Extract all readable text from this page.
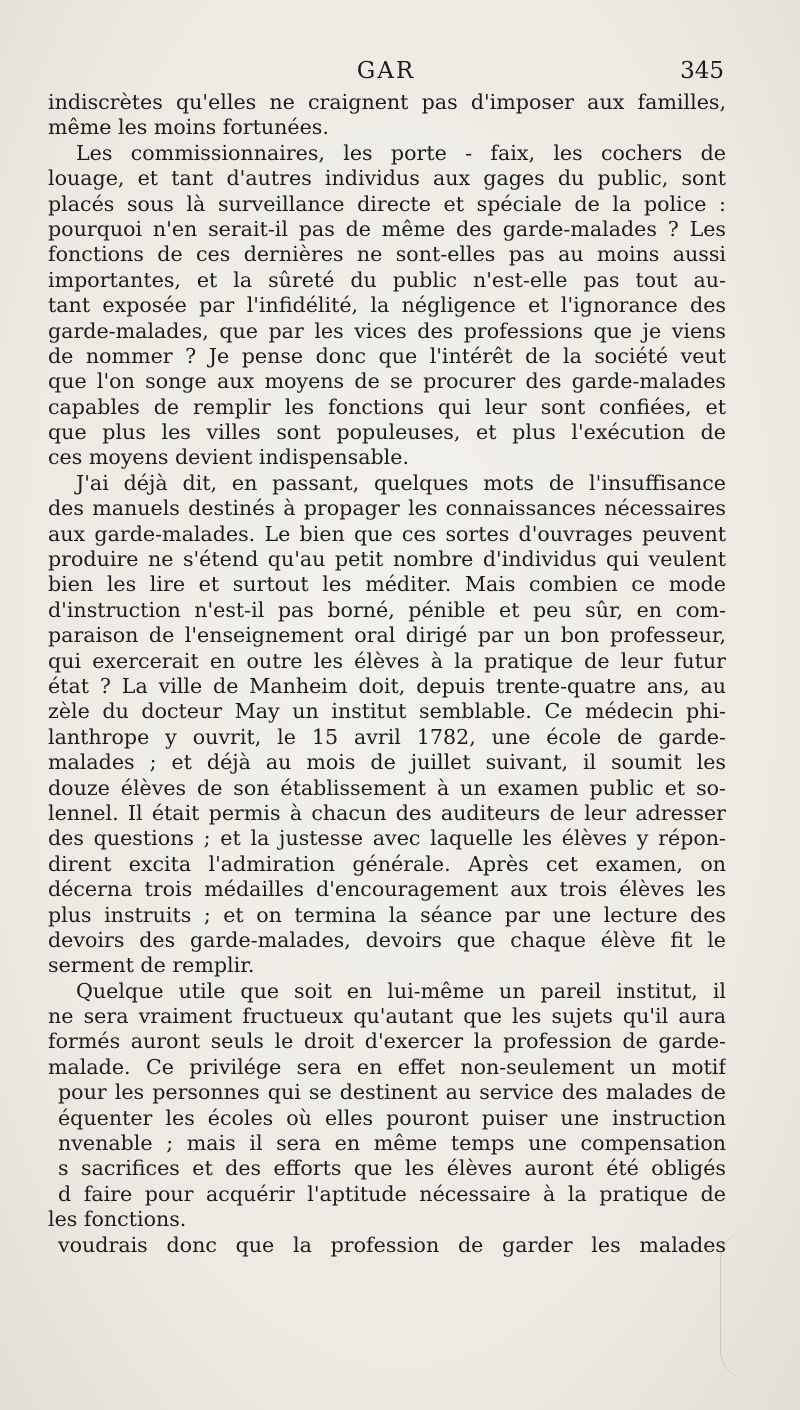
GAR	345
indiscrètes qu'elles ne craignent pas d'imposer aux familles,
même les moins fortunées.
Les commissionnaires, les porte - faix, les cochers de
louage, et tant d'autres individus aux gages du public, sont
placés sous là surveillance directe et spéciale de la police :
pourquoi n'en serait-il pas de même des garde-malades ? Les
fonctions de ces dernières ne sont-elles pas au moins aussi
importantes, et la sûreté du public n'est-elle pas tout au-
tant exposée par l'infidélité, la négligence et l'ignorance des
garde-malades, que par les vices des professions que je viens
de nommer ? Je pense donc que l'intérêt de la société veut
que l'on songe aux moyens de se procurer des garde-malades
capables de remplir les fonctions qui leur sont confiées, et
que plus les villes sont populeuses, et plus l'exécution de
ces moyens devient indispensable.
J'ai déjà dit, en passant, quelques mots de l'insuffisance
des manuels destinés à propager les connaissances nécessaires
aux garde-malades. Le bien que ces sortes d'ouvrages peuvent
produire ne s'étend qu'au petit nombre d'individus qui veulent
bien les lire et surtout les méditer. Mais combien ce mode
d'instruction n'est-il pas borné, pénible et peu sûr, en com-
paraison de l'enseignement oral dirigé par un bon professeur,
qui exercerait en outre les élèves à la pratique de leur futur
état ? La ville de Manheim doit, depuis trente-quatre ans, au
zèle du docteur May un institut semblable. Ce médecin phi-
lanthrope y ouvrit, le 15 avril 1782, une école de garde-
malades ; et déjà au mois de juillet suivant, il soumit les
douze élèves de son établissement à un examen public et so-
lennel. Il était permis à chacun des auditeurs de leur adresser
des questions ; et la justesse avec laquelle les élèves y répon-
dirent excita l'admiration générale. Après cet examen, on
décerna trois médailles d'encouragement aux trois élèves les
plus instruits ; et on termina la séance par une lecture des
devoirs des garde-malades, devoirs que chaque élève fit le
serment de remplir.
Quelque utile que soit en lui-même un pareil institut, il
ne sera vraiment fructueux qu'autant que les sujets qu'il aura
formés auront seuls le droit d'exercer la profession de garde-
malade. Ce privilége sera en effet non-seulement un motif
pour les personnes qui se destinent au service des malades de
équenter les écoles où elles pouront puiser une instruction
nvenable ; mais il sera en même temps une compensation
s sacrifices et des efforts que les élèves auront été obligés
d faire pour acquérir l'aptitude nécessaire à la pratique de
les fonctions.
voudrais donc que la profession de garder les malades
